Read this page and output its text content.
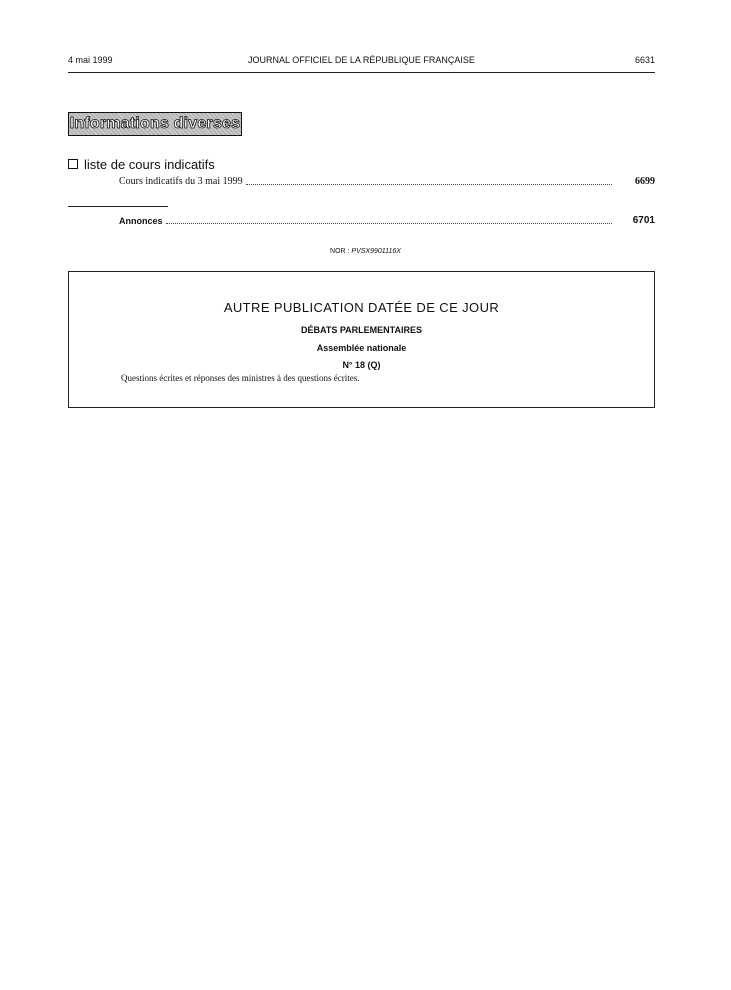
4 mai 1999	JOURNAL OFFICIEL DE LA RÉPUBLIQUE FRANÇAISE	6631
Informations diverses
liste de cours indicatifs
Cours indicatifs du 3 mai 1999	6699
Annonces	6701
NOR : PVSX9901116X
AUTRE PUBLICATION DATÉE DE CE JOUR
DÉBATS PARLEMENTAIRES
Assemblée nationale
N° 18 (Q)
Questions écrites et réponses des ministres à des questions écrites.
